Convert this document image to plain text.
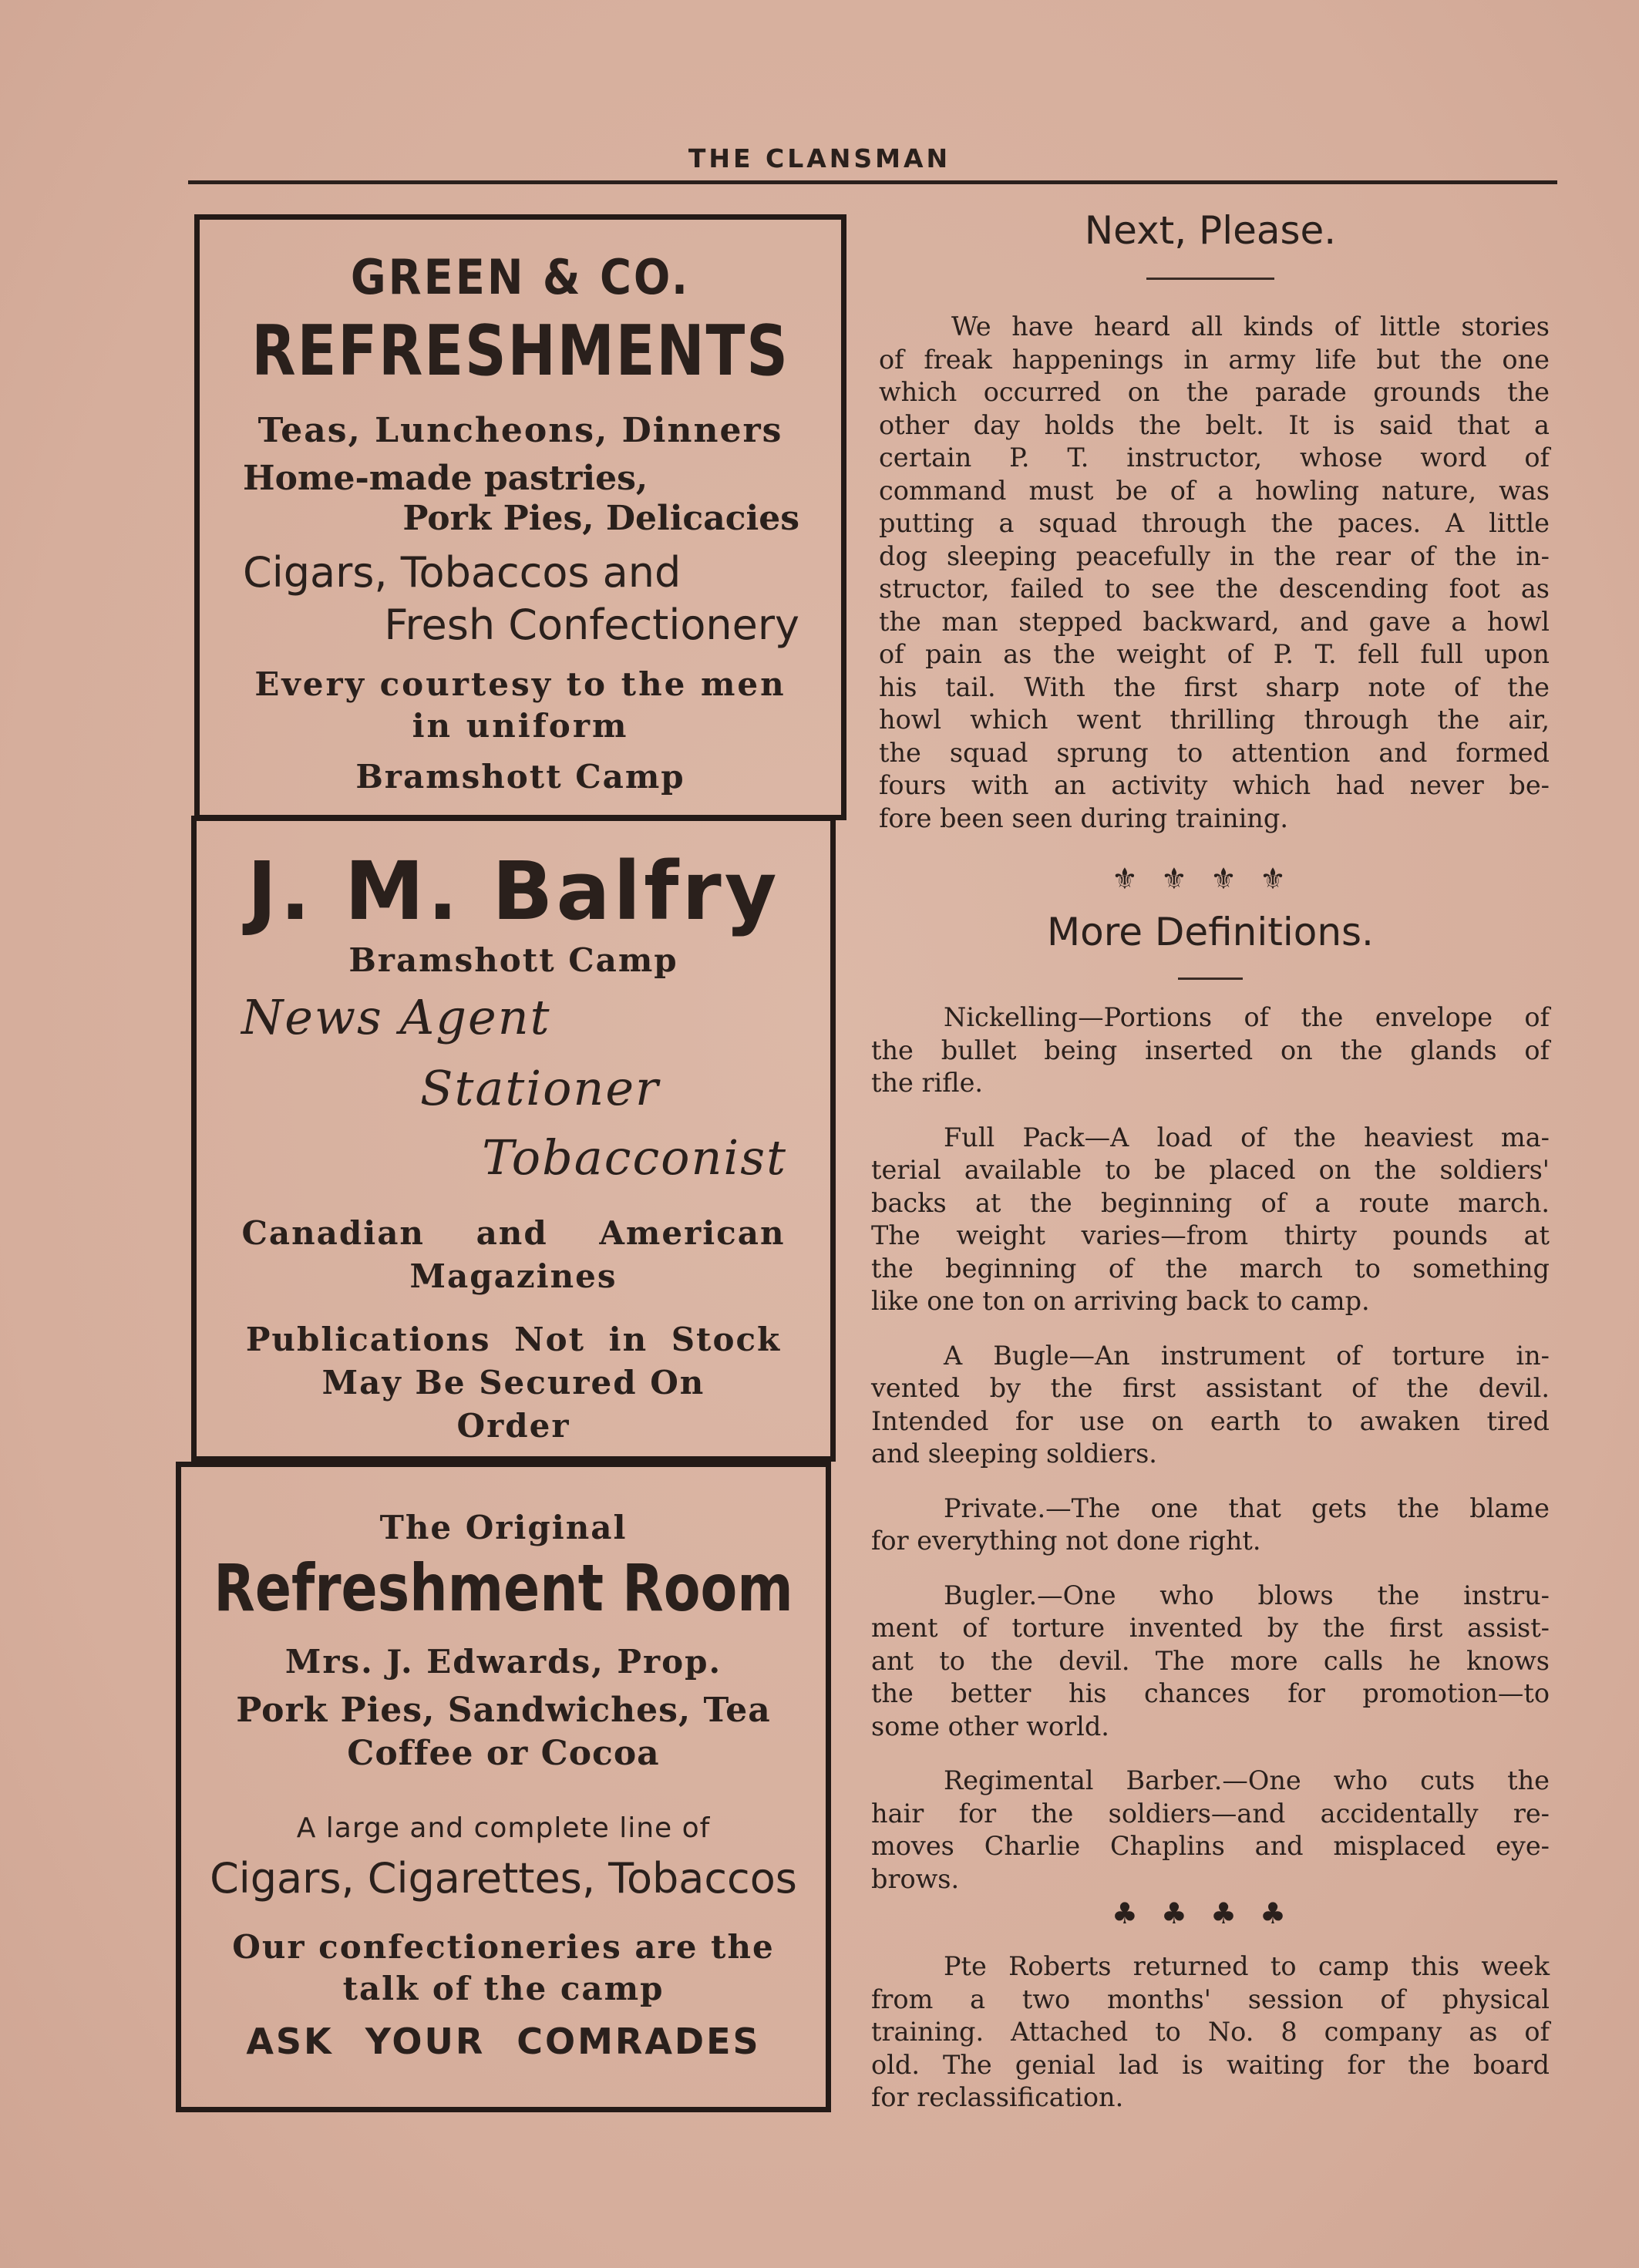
THE CLANSMAN
GREEN & CO.
REFRESHMENTS
Teas, Luncheons, Dinners
Home-made pastries,
Pork Pies, Delicacies
Cigars, Tobaccos and
Fresh Confectionery
Every courtesy to the men
in uniform
Bramshott Camp
J. M. Balfry
Bramshott Camp
News Agent
Stationer
Tobacconist
Canadian and American
Magazines
Publications Not in Stock
May Be Secured On
Order
The Original
Refreshment Room
Mrs. J. Edwards, Prop.
Pork Pies, Sandwiches, Tea
Coffee or Cocoa
A large and complete line of
Cigars, Cigarettes, Tobaccos
Our confectioneries are the
talk of the camp
ASK YOUR COMRADES
Next, Please.
We have heard all kinds of little stories
of freak happenings in army life but the one
which occurred on the parade grounds the
other day holds the belt. It is said that a
certain P. T. instructor, whose word of
command must be of a howling nature, was
putting a squad through the paces. A little
dog sleeping peacefully in the rear of the in-
structor, failed to see the descending foot as
the man stepped backward, and gave a howl
of pain as the weight of P. T. fell full upon
his tail. With the first sharp note of the
howl which went thrilling through the air,
the squad sprung to attention and formed
fours with an activity which had never be-
fore been seen during training.
⚜⚜⚜⚜
More Definitions.
Nickelling—Portions of the envelope of
the bullet being inserted on the glands of
the rifle.
Full Pack—A load of the heaviest ma-
terial available to be placed on the soldiers'
backs at the beginning of a route march.
The weight varies—from thirty pounds at
the beginning of the march to something
like one ton on arriving back to camp.
A Bugle—An instrument of torture in-
vented by the first assistant of the devil.
Intended for use on earth to awaken tired
and sleeping soldiers.
Private.—The one that gets the blame
for everything not done right.
Bugler.—One who blows the instru-
ment of torture invented by the first assist-
ant to the devil. The more calls he knows
the better his chances for promotion—to
some other world.
Regimental Barber.—One who cuts the
hair for the soldiers—and accidentally re-
moves Charlie Chaplins and misplaced eye-
brows.
♣♣♣♣
Pte Roberts returned to camp this week
from a two months' session of physical
training. Attached to No. 8 company as of
old. The genial lad is waiting for the board
for reclassification.
